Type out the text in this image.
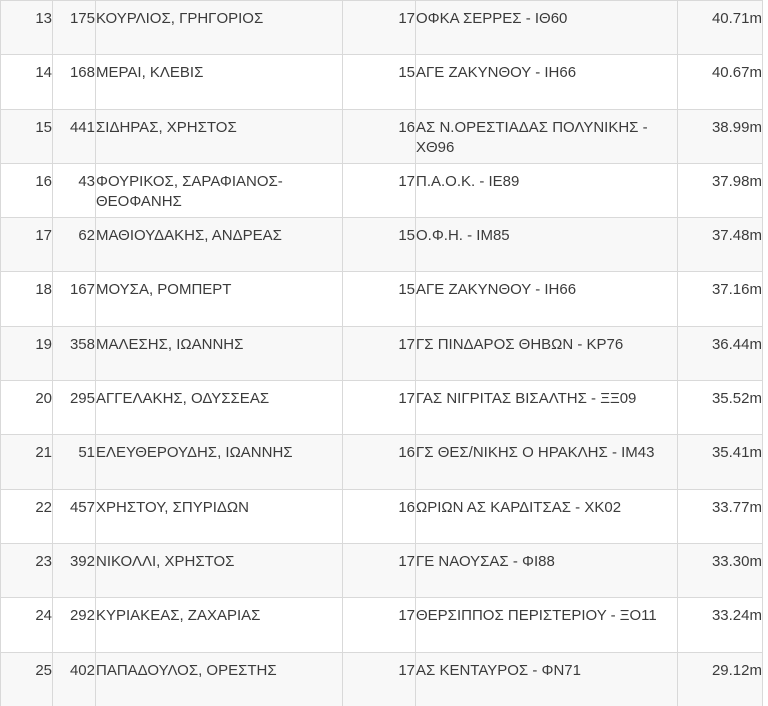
13	175	ΚΟΥΡΛΙΟΣ, ΓΡΗΓΟΡΙΟΣ	17	ΟΦΚΑ ΣΕΡΡΕΣ - ΙΘ60	40.71m
14	168	ΜΕΡΑΙ, ΚΛΕΒΙΣ	15	ΑΓΕ ΖΑΚΥΝΘΟΥ - ΙΗ66	40.67m
15	441	ΣΙΔΗΡΑΣ, ΧΡΗΣΤΟΣ	16	ΑΣ Ν.ΟΡΕΣΤΙΑΔΑΣ ΠΟΛΥΝΙΚΗΣ - ΧΘ96	38.99m
16	43	ΦΟΥΡΙΚΟΣ, ΣΑΡΑΦΙΑΝΟΣ-ΘΕΟΦΑΝΗΣ	17	Π.Α.Ο.Κ. - ΙΕ89	37.98m
17	62	ΜΑΘΙΟΥΔΑΚΗΣ, ΑΝΔΡΕΑΣ	15	Ο.Φ.Η. - ΙΜ85	37.48m
18	167	ΜΟΥΣΑ, ΡΟΜΠΕΡΤ	15	ΑΓΕ ΖΑΚΥΝΘΟΥ - ΙΗ66	37.16m
19	358	ΜΑΛΕΣΗΣ, ΙΩΑΝΝΗΣ	17	ΓΣ ΠΙΝΔΑΡΟΣ ΘΗΒΩΝ - ΚΡ76	36.44m
20	295	ΑΓΓΕΛΑΚΗΣ, ΟΔΥΣΣΕΑΣ	17	ΓΑΣ ΝΙΓΡΙΤΑΣ ΒΙΣΑΛΤΗΣ - ΞΞ09	35.52m
21	51	ΕΛΕΥΘΕΡΟΥΔΗΣ, ΙΩΑΝΝΗΣ	16	ΓΣ ΘΕΣ/ΝΙΚΗΣ Ο ΗΡΑΚΛΗΣ - ΙΜ43	35.41m
22	457	ΧΡΗΣΤΟΥ, ΣΠΥΡΙΔΩΝ	16	ΩΡΙΩΝ ΑΣ ΚΑΡΔΙΤΣΑΣ - ΧΚ02	33.77m
23	392	ΝΙΚΟΛΛΙ, ΧΡΗΣΤΟΣ	17	ΓΕ ΝΑΟΥΣΑΣ - ΦΙ88	33.30m
24	292	ΚΥΡΙΑΚΕΑΣ, ΖΑΧΑΡΙΑΣ	17	ΘΕΡΣΙΠΠΟΣ ΠΕΡΙΣΤΕΡΙΟΥ - ΞΟ11	33.24m
25	402	ΠΑΠΑΔΟΥΛΟΣ, ΟΡΕΣΤΗΣ	17	ΑΣ ΚΕΝΤΑΥΡΟΣ - ΦΝ71	29.12m
